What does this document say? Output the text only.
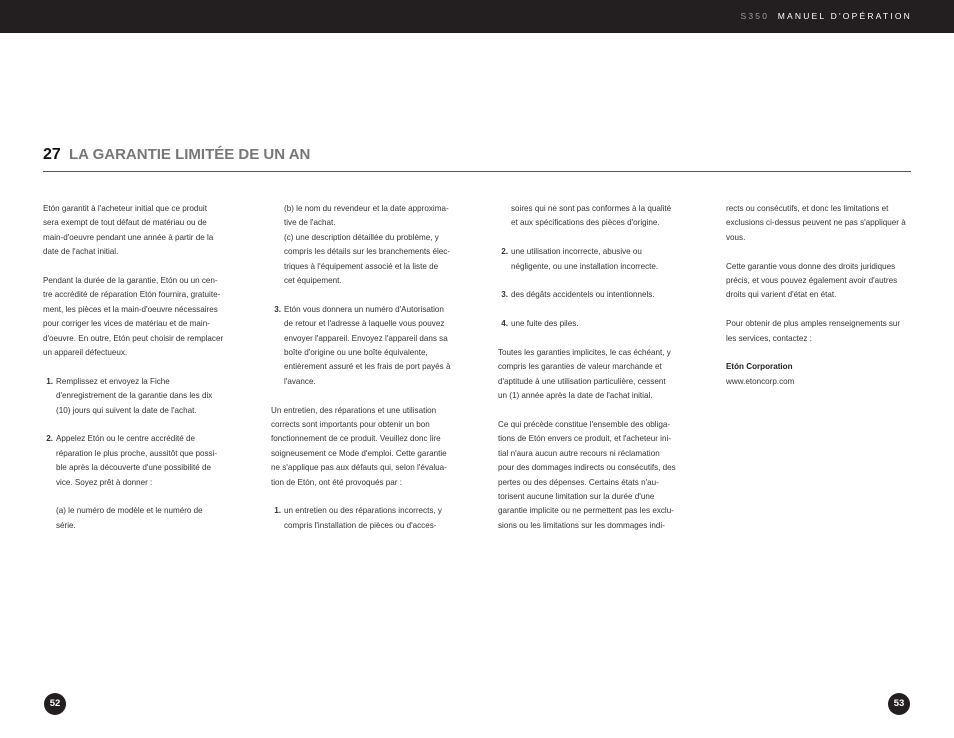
S350 MANUEL D'OPÉRATION
27 LA GARANTIE LIMITÉE DE UN AN

Etón garantit à l'acheteur initial que ce produit
sera exempt de tout défaut de matériau ou de
main-d'oeuvre pendant une année à partir de la
date de l'achat initial.

Pendant la durée de la garantie, Etón ou un cen-
tre accrédité de réparation Etón fournira, gratuite-
ment, les pièces et la main-d'oeuvre nécessaires
pour corriger les vices de matériau et de main-
d'oeuvre. En outre, Etón peut choisir de remplacer
un appareil défectueux.

1. Remplissez et envoyez la Fiche
d'enregistrement de la garantie dans les dix
(10) jours qui suivent la date de l'achat.
2. Appelez Etón ou le centre accrédité de
réparation le plus proche, aussitôt que possi-
ble après la découverte d'une possibilité de
vice. Soyez prêt à donner :

(a) le numéro de modèle et le numéro de
série.

(b) le nom du revendeur et la date approxima-
tive de l'achat.

(c) une description détaillée du problème, y
compris les détails sur les branchements élec-
triques à l'équipement associé et la liste de
cet équipement.

3. Etón vous donnera un numéro d'Autorisation
de retour et l'adresse à laquelle vous pouvez
envoyer l'appareil. Envoyez l'appareil dans sa
boîte d'origine ou une boîte équivalente,
entièrement assuré et les frais de port payés à
l'avance.

Un entretien, des réparations et une utilisation
corrects sont importants pour obtenir un bon
fonctionnement de ce produit. Veuillez donc lire
soigneusement ce Mode d'emploi. Cette garantie
ne s'applique pas aux défauts qui, selon l'évalua-
tion de Etón, ont été provoqués par :

1. un entretien ou des réparations incorrects, y
compris l'installation de pièces ou d'acces-

soires qui ne sont pas conformes à la qualité
et aux spécifications des pièces d'origine.

2. une utilisation incorrecte, abusive ou
négligente, ou une installation incorrecte.
3. des dégâts accidentels ou intentionnels.
4. une fuite des piles.

Toutes les garanties implicites, le cas échéant, y
compris les garanties de valeur marchande et
d'aptitude à une utilisation particulière, cessent
un (1) année après la date de l'achat initial.

Ce qui précède constitue l'ensemble des obliga-
tions de Etón envers ce produit, et l'acheteur ini-
tial n'aura aucun autre recours ni réclamation
pour des dommages indirects ou consécutifs, des
pertes ou des dépenses. Certains états n'au-
torisent aucune limitation sur la durée d'une
garantie implicite ou ne permettent pas les exclu-
sions ou les limitations sur les dommages indi-

rects ou consécutifs, et donc les limitations et
exclusions ci-dessus peuvent ne pas s'appliquer à
vous.

Cette garantie vous donne des droits juridiques
précis, et vous pouvez également avoir d'autres
droits qui varient d'état en état.

Pour obtenir de plus amples renseignements sur
les services, contactez :

Etón Corporation

www.etoncorp.com

52	53
